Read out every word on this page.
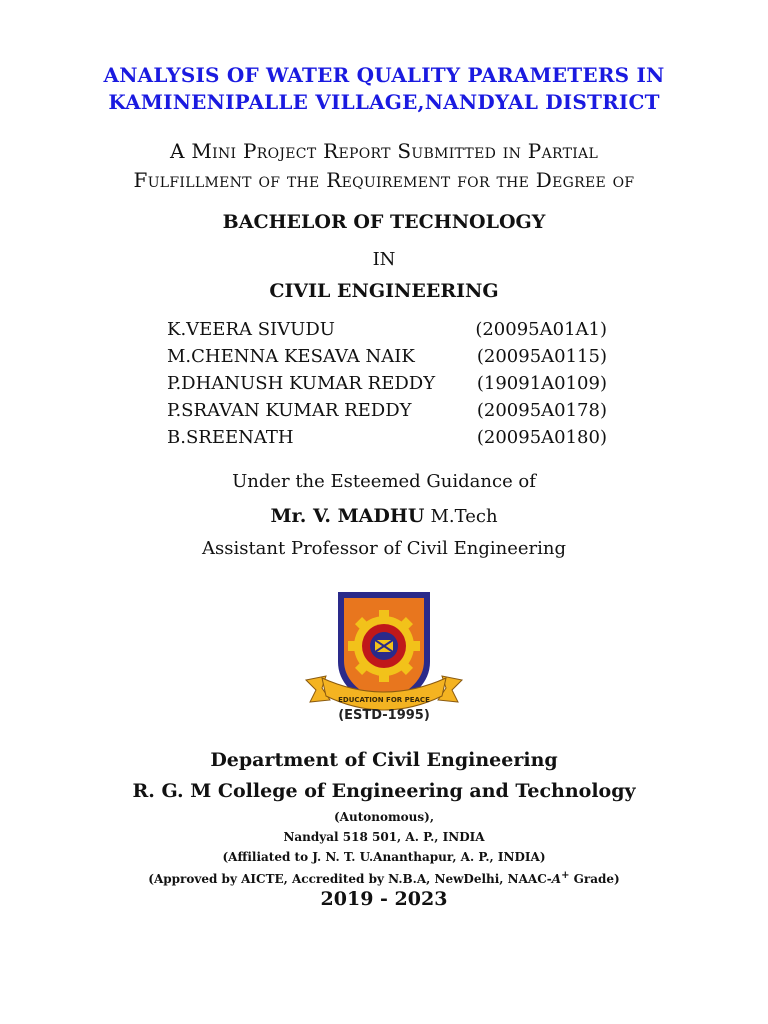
ANALYSIS OF WATER QUALITY PARAMETERS IN
KAMINENIPALLE VILLAGE,NANDYAL DISTRICT
A Mini Project Report Submitted in Partial
Fulfillment of the Requirement for the Degree of
BACHELOR OF TECHNOLOGY
IN
CIVIL ENGINEERING
K.VEERA SIVUDU	(20095A01A1)
M.CHENNA KESAVA NAIK	(20095A0115)
P.DHANUSH KUMAR REDDY (19091A0109)
P.SRAVAN KUMAR REDDY	(20095A0178)
B.SREENATH	(20095A0180)
Under the Esteemed Guidance of
Mr. V. MADHU M.Tech
Assistant Professor of Civil Engineering
EDUCATION FOR PEACE
(ESTD-1995)
Department of Civil Engineering
R. G. M College of Engineering and Technology
(Autonomous),
Nandyal 518 501, A. P., INDIA
(Affiliated to J. N. T. U.Ananthapur, A. P., INDIA)
(Approved by AICTE, Accredited by N.B.A, NewDelhi, NAAC-A+ Grade)
2019 - 2023
